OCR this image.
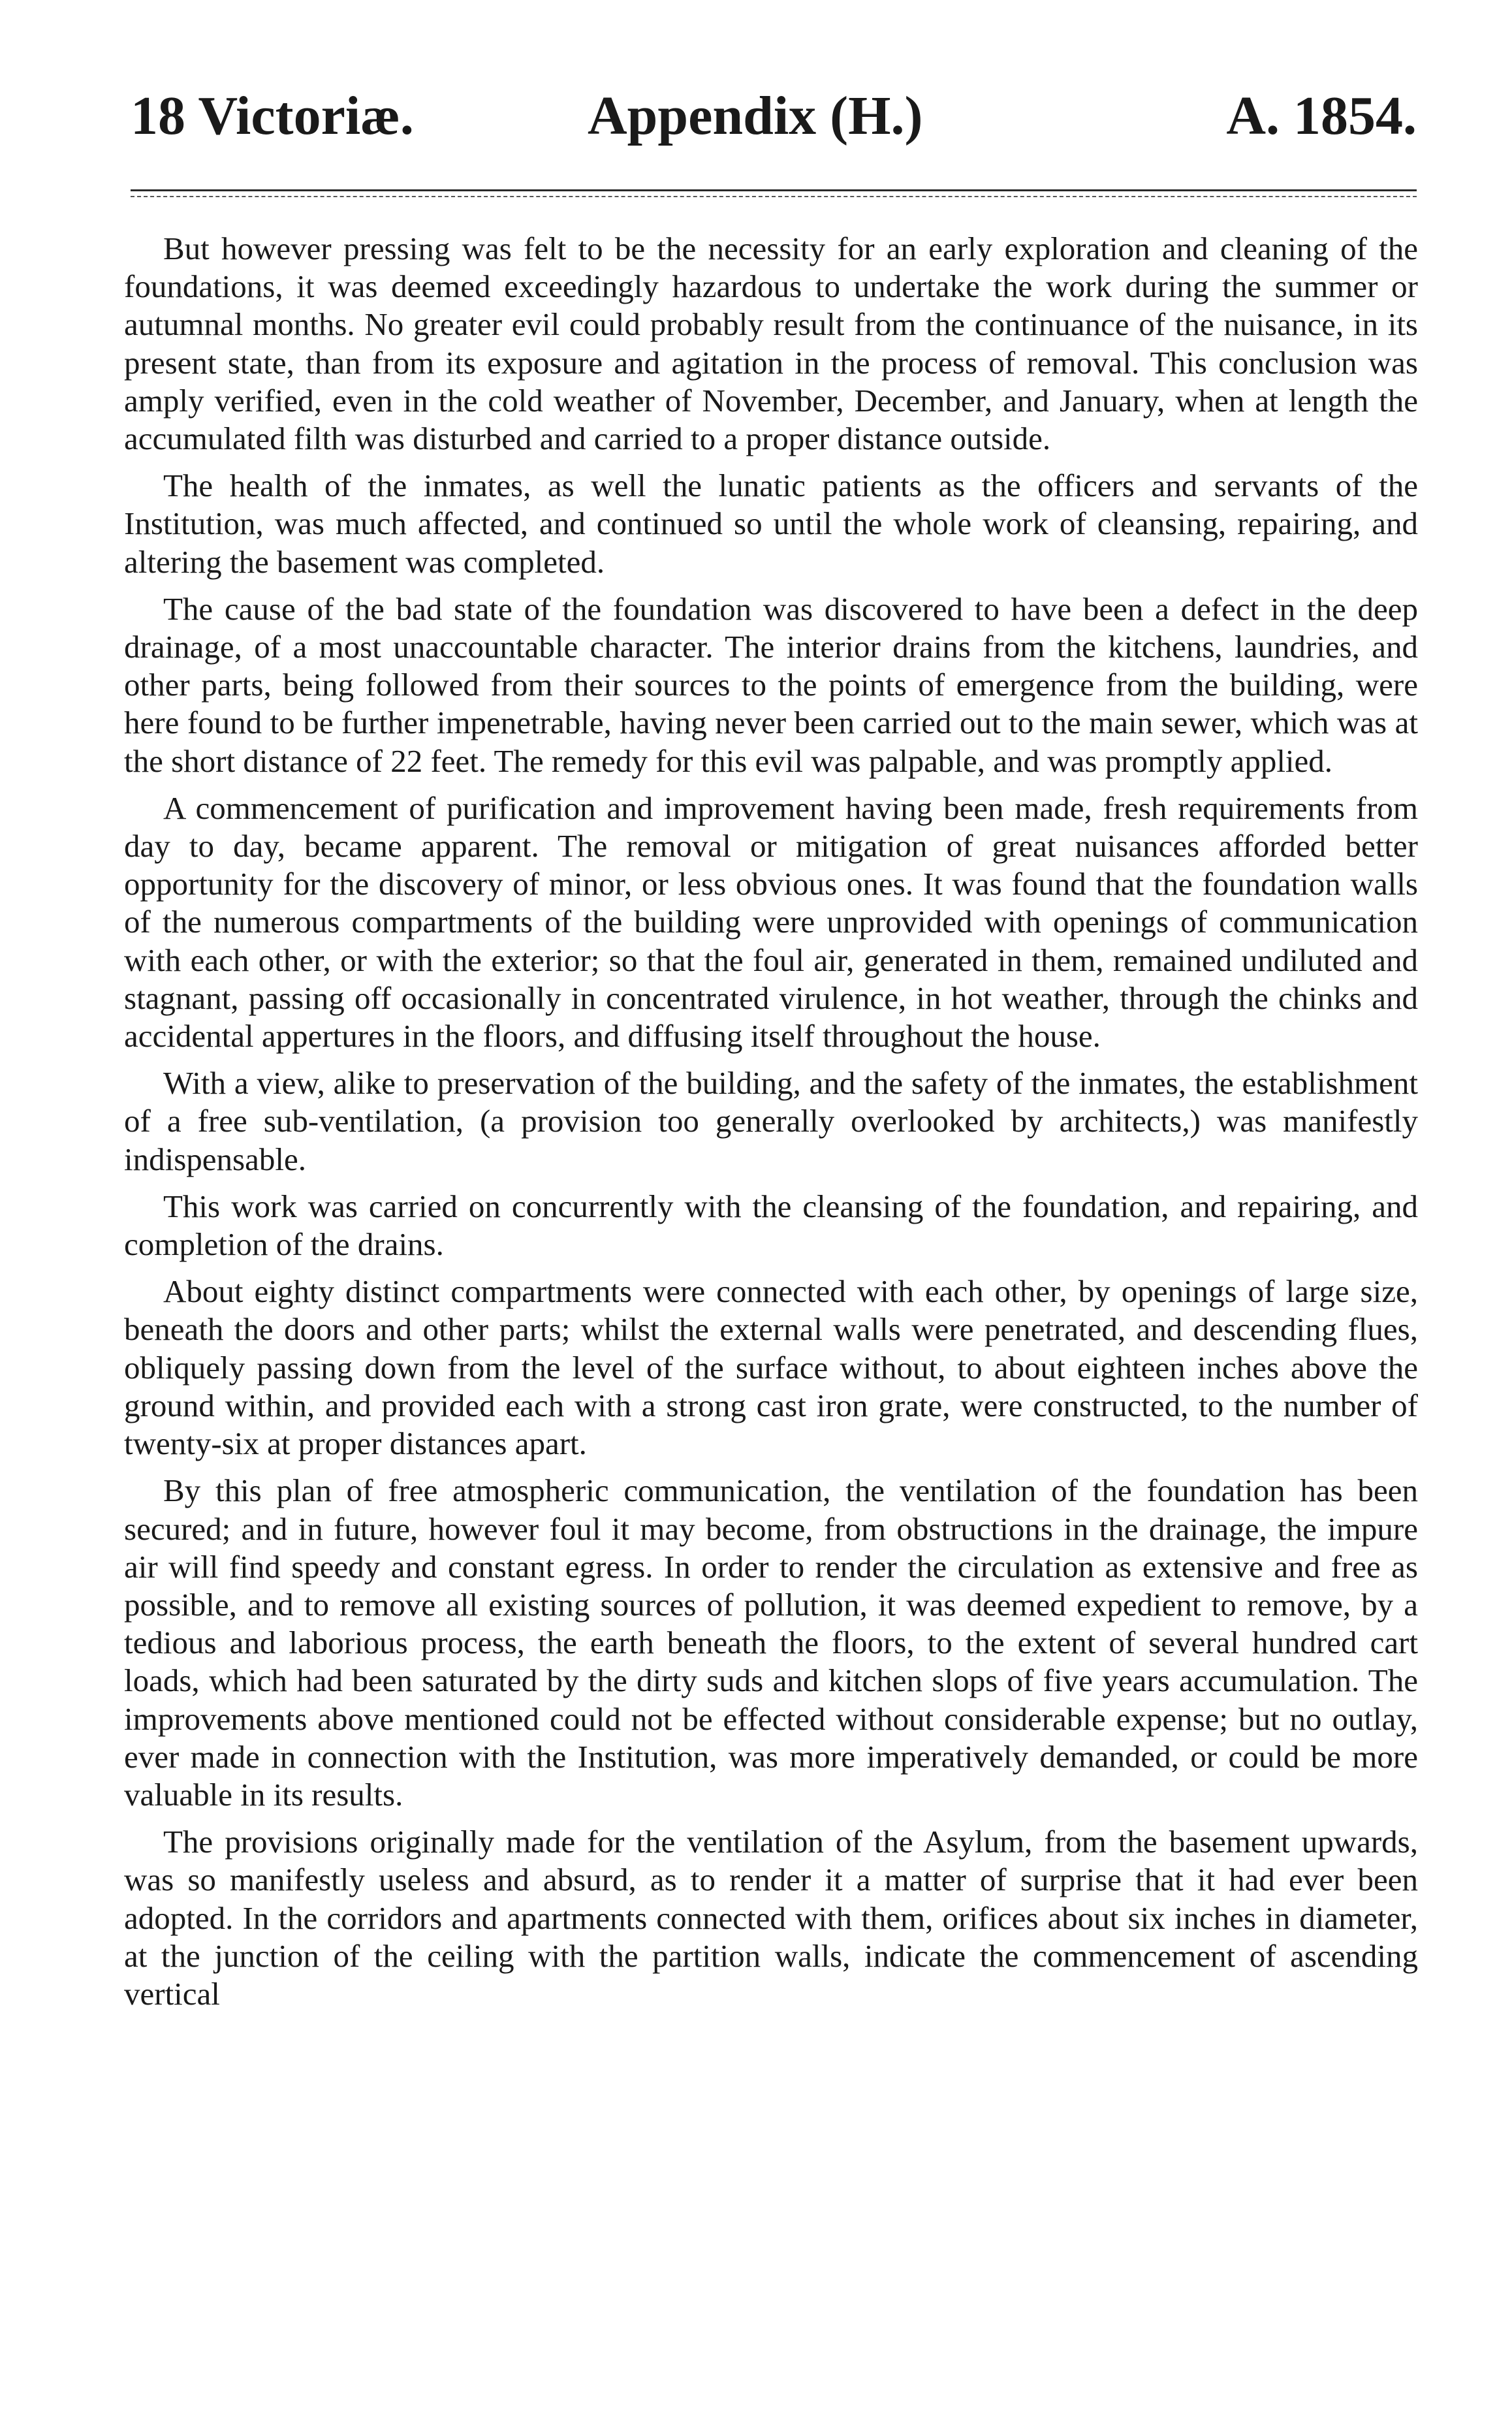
18 Victoriæ.	Appendix (H.)	A. 1854.

But however pressing was felt to be the necessity for an early exploration and cleaning of the foundations, it was deemed exceedingly hazardous to undertake the work during the summer or autumnal months. No greater evil could probably result from the continuance of the nuisance, in its present state, than from its exposure and agitation in the process of removal. This conclusion was amply verified, even in the cold weather of November, December, and January, when at length the accumulated filth was disturbed and carried to a proper distance outside.

The health of the inmates, as well the lunatic patients as the officers and servants of the Institution, was much affected, and continued so until the whole work of cleansing, repairing, and altering the basement was completed.

The cause of the bad state of the foundation was discovered to have been a defect in the deep drainage, of a most unaccountable character. The interior drains from the kitchens, laundries, and other parts, being followed from their sources to the points of emergence from the building, were here found to be further impenetrable, having never been carried out to the main sewer, which was at the short distance of 22 feet. The remedy for this evil was palpable, and was promptly applied.

A commencement of purification and improvement having been made, fresh requirements from day to day, became apparent. The removal or mitigation of great nuisances afforded better opportunity for the discovery of minor, or less obvious ones. It was found that the foundation walls of the numerous compartments of the building were unprovided with openings of communication with each other, or with the exterior; so that the foul air, generated in them, remained undiluted and stagnant, passing off occasionally in concentrated virulence, in hot weather, through the chinks and accidental appertures in the floors, and diffusing itself throughout the house.

With a view, alike to preservation of the building, and the safety of the inmates, the establishment of a free sub-ventilation, (a provision too generally overlooked by architects,) was manifestly indispensable.

This work was carried on concurrently with the cleansing of the foundation, and repairing, and completion of the drains.

About eighty distinct compartments were connected with each other, by openings of large size, beneath the doors and other parts; whilst the external walls were penetrated, and descending flues, obliquely passing down from the level of the surface without, to about eighteen inches above the ground within, and provided each with a strong cast iron grate, were constructed, to the number of twenty-six at proper distances apart.

By this plan of free atmospheric communication, the ventilation of the foundation has been secured; and in future, however foul it may become, from obstructions in the drainage, the impure air will find speedy and constant egress. In order to render the circulation as extensive and free as possible, and to remove all existing sources of pollution, it was deemed expedient to remove, by a tedious and laborious process, the earth beneath the floors, to the extent of several hundred cart loads, which had been saturated by the dirty suds and kitchen slops of five years accumulation. The improvements above mentioned could not be effected without considerable expense; but no outlay, ever made in connection with the Institution, was more imperatively demanded, or could be more valuable in its results.

The provisions originally made for the ventilation of the Asylum, from the basement upwards, was so manifestly useless and absurd, as to render it a matter of surprise that it had ever been adopted. In the corridors and apartments connected with them, orifices about six inches in diameter, at the junction of the ceiling with the partition walls, indicate the commencement of ascending vertical
